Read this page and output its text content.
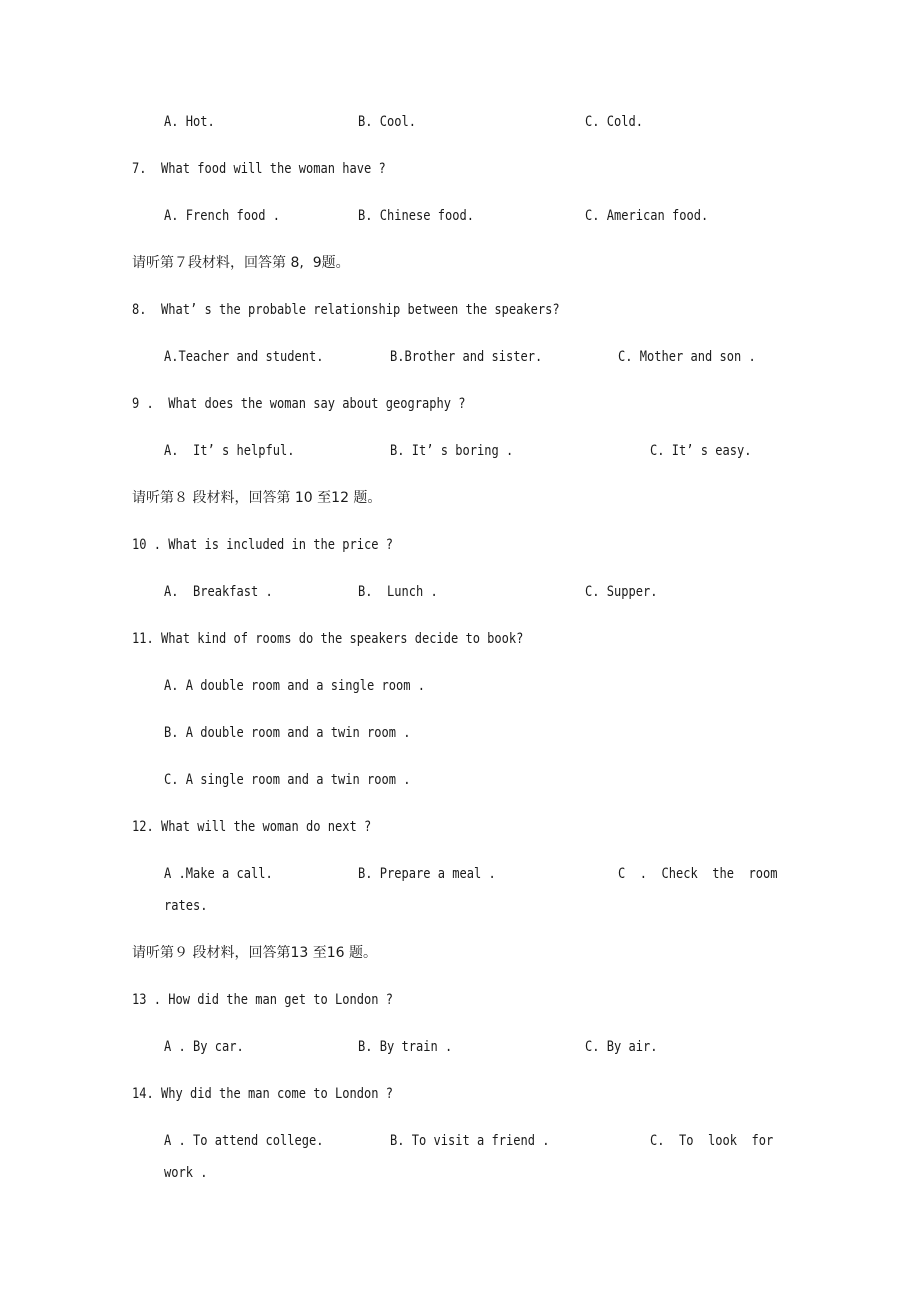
A. Hot.	B. Cool.	C. Cold.
7.  What food will the woman have ?
A. French food .	B. Chinese food.	C. American food.
请听第７段材料，回答第 8,  9题。
8.  What’ s the probable relationship between the speakers?
A.Teacher and student.	B.Brother and sister.	C. Mother and son .
9 .  What does the woman say about geography ?
A.  It’ s helpful.	B. It’ s boring .	C. It’ s easy.
请听第８ 段材料，回答第 10 至12 题。
10 . What is included in the price ?
A.  Breakfast .	B.  Lunch .	C. Supper.
11. What kind of rooms do the speakers decide to book?
A. A double room and a single room .
B. A double room and a twin room .
C. A single room and a twin room .
12. What will the woman do next ?
A .Make a call.	B. Prepare a meal .	C  .  Check  the  room
rates.
请听第９ 段材料，回答第13 至16 题。
13 . How did the man get to London ?
A . By car.	B. By train .	C. By air.
14. Why did the man come to London ?
A . To attend college.	B. To visit a friend .	C.  To  look  for
work .
